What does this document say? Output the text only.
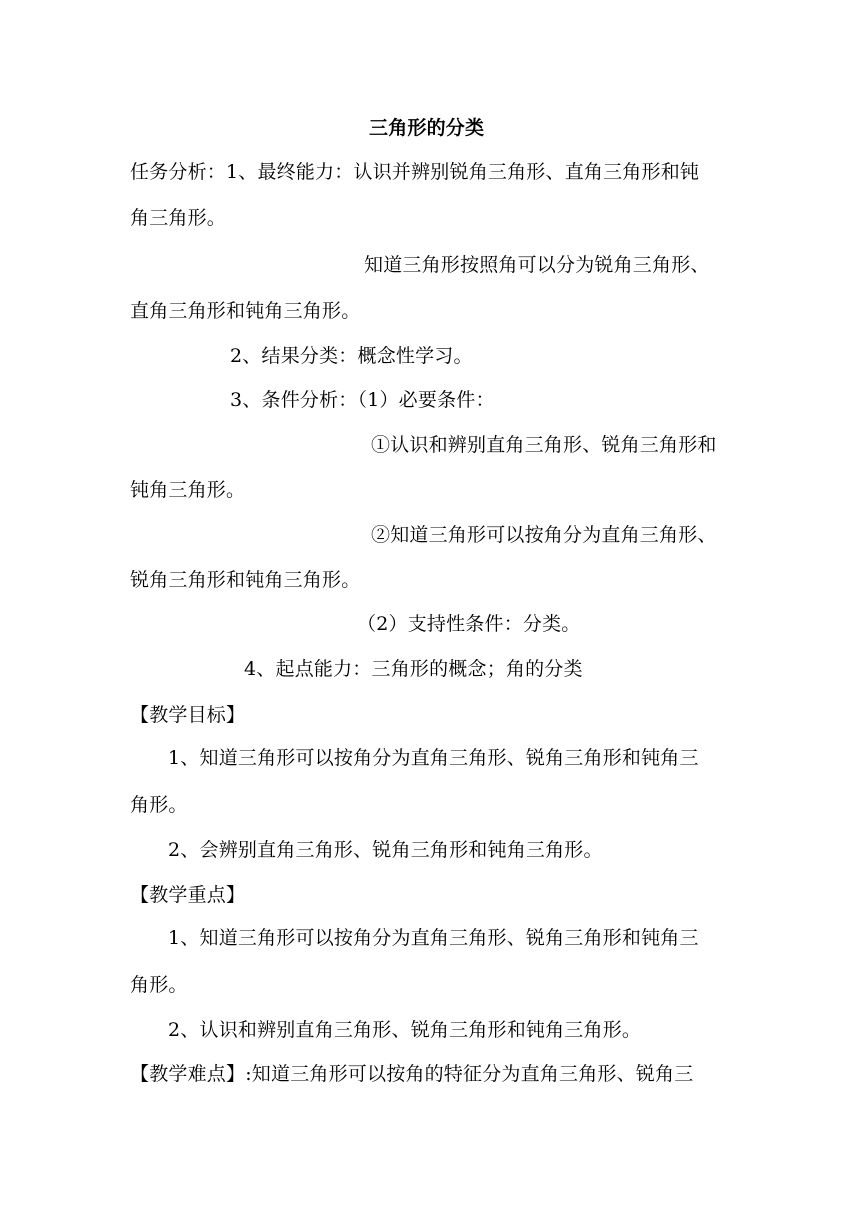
三角形的分类
任务分析：1、最终能力：认识并辨别锐角三角形、直角三角形和钝
角三角形。
知道三角形按照角可以分为锐角三角形、
直角三角形和钝角三角形。
2、结果分类：概念性学习。
3、条件分析：（1）必要条件：
①认识和辨别直角三角形、锐角三角形和
钝角三角形。
②知道三角形可以按角分为直角三角形、
锐角三角形和钝角三角形。
（2）支持性条件：分类。
4、起点能力：三角形的概念；角的分类
【教学目标】
1、知道三角形可以按角分为直角三角形、锐角三角形和钝角三
角形。
2、会辨别直角三角形、锐角三角形和钝角三角形。
【教学重点】
1、知道三角形可以按角分为直角三角形、锐角三角形和钝角三
角形。
2、认识和辨别直角三角形、锐角三角形和钝角三角形。
【教学难点】:知道三角形可以按角的特征分为直角三角形、锐角三
